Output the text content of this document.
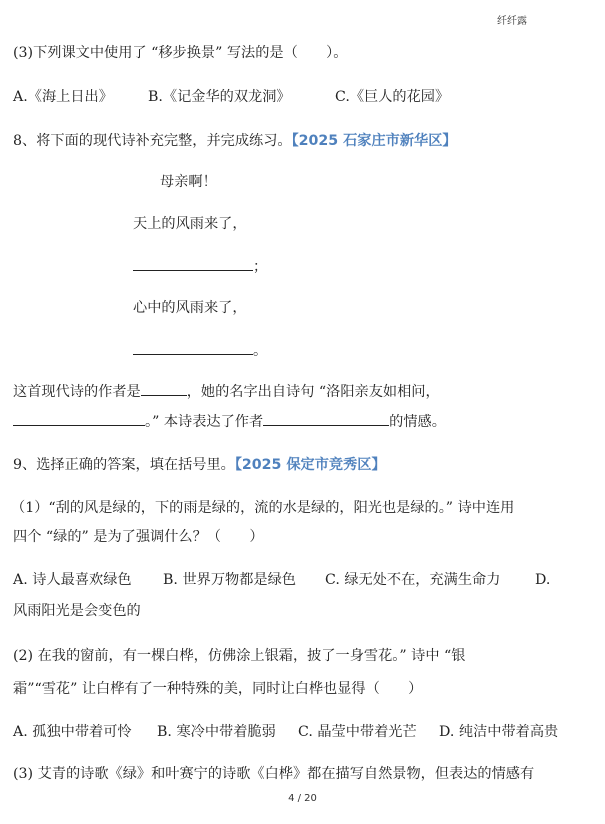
纤纤露
(3)下列课文中使用了 “移步换景” 写法的是（　　）。
A.《海上日出》 B.《记金华的双龙洞》	C.《巨人的花园》
8、将下面的现代诗补充完整，并完成练习。【2025 石家庄市新华区】
母亲啊！
天上的风雨来了，
；
心中的风雨来了，
。
这首现代诗的作者是	，她的名字出自诗句 “洛阳亲友如相问，
。” 本诗表达了作者	的情感。
9、选择正确的答案，填在括号里。【2025 保定市竞秀区】
（1）“刮的风是绿的，下的雨是绿的，流的水是绿的，阳光也是绿的。” 诗中连用
四个 “绿的” 是为了强调什么？（　　）
A. 诗人最喜欢绿色 B. 世界万物都是绿色 C. 绿无处不在，充满生命力 D.
风雨阳光是会变色的
(2) 在我的窗前，有一棵白桦，仿佛涂上银霜，披了一身雪花。” 诗中 “银
霜”“雪花” 让白桦有了一种特殊的美，同时让白桦也显得（　　）
A. 孤独中带着可怜 B. 寒冷中带着脆弱 C. 晶莹中带着光芒 D. 纯洁中带着高贵
(3) 艾青的诗歌《绿》和叶赛宁的诗歌《白桦》都在描写自然景物，但表达的情感有
4 / 20
